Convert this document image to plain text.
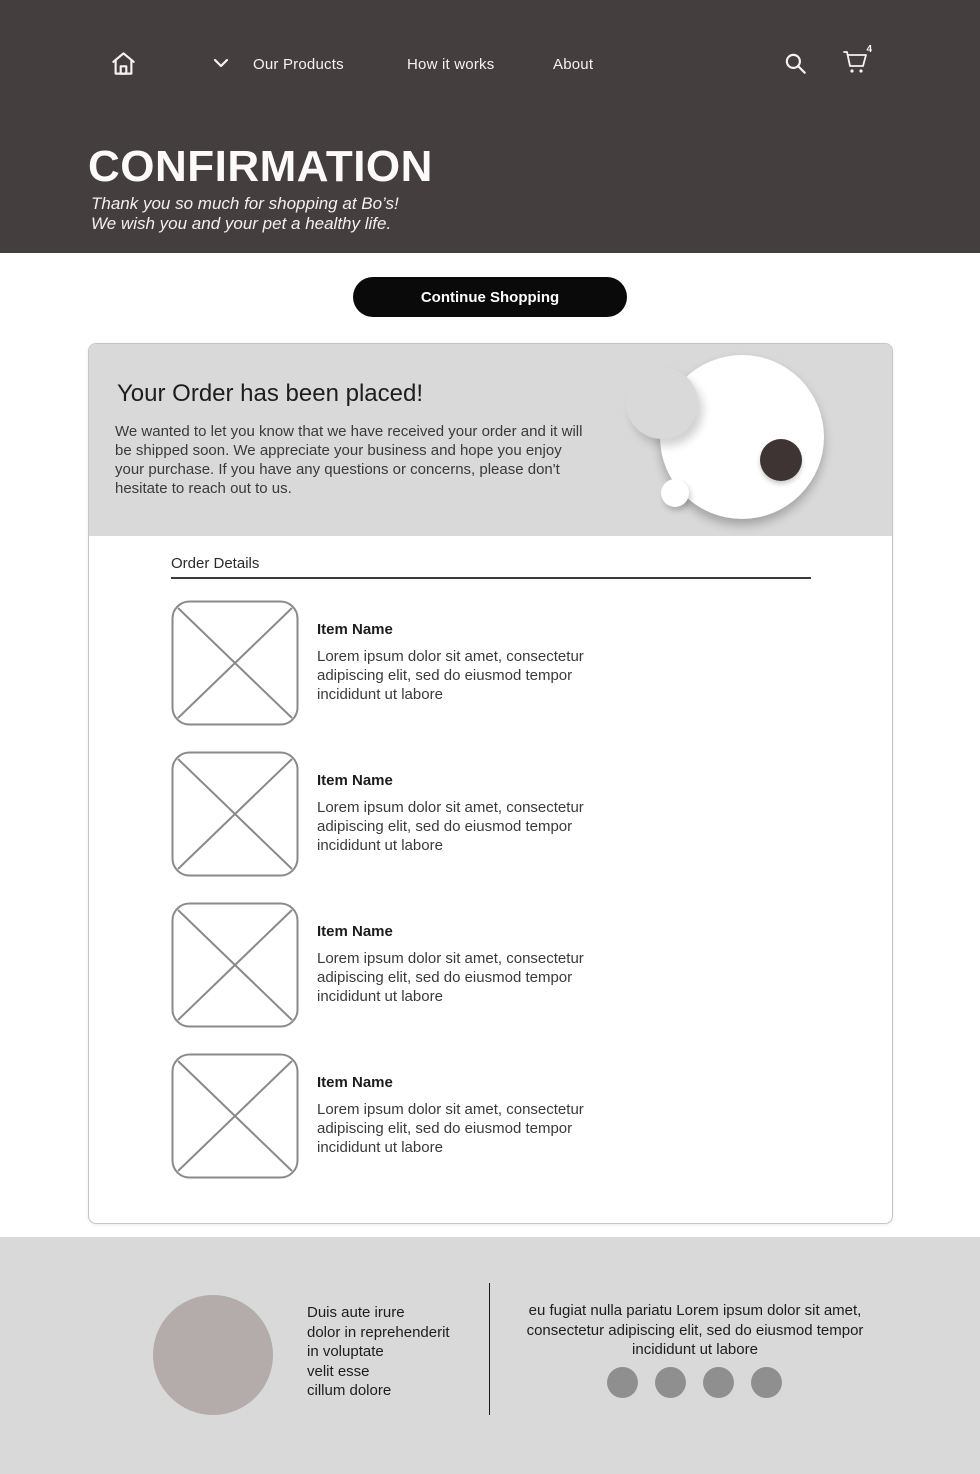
Our Products	How it works	About
4
CONFIRMATION

Thank you so much for shopping at Bo’s!
We wish you and your pet a healthy life.

Continue Shopping
Your Order has been placed!

We wanted to let you know that we have received your order and it will be shipped soon. We appreciate your business and hope you enjoy your purchase. If you have any questions or concerns, please don't hesitate to reach out to us.

Order Details

Item Name

Lorem ipsum dolor sit amet, consectetur adipiscing elit, sed do eiusmod tempor incididunt ut labore

Item Name

Lorem ipsum dolor sit amet, consectetur adipiscing elit, sed do eiusmod tempor incididunt ut labore

Item Name

Lorem ipsum dolor sit amet, consectetur adipiscing elit, sed do eiusmod tempor incididunt ut labore

Item Name

Lorem ipsum dolor sit amet, consectetur adipiscing elit, sed do eiusmod tempor incididunt ut labore

Duis aute irure
dolor in reprehenderit
in voluptate
velit esse
cillum dolore

eu fugiat nulla pariatu Lorem ipsum dolor sit amet, consectetur adipiscing elit, sed do eiusmod tempor incididunt ut labore
